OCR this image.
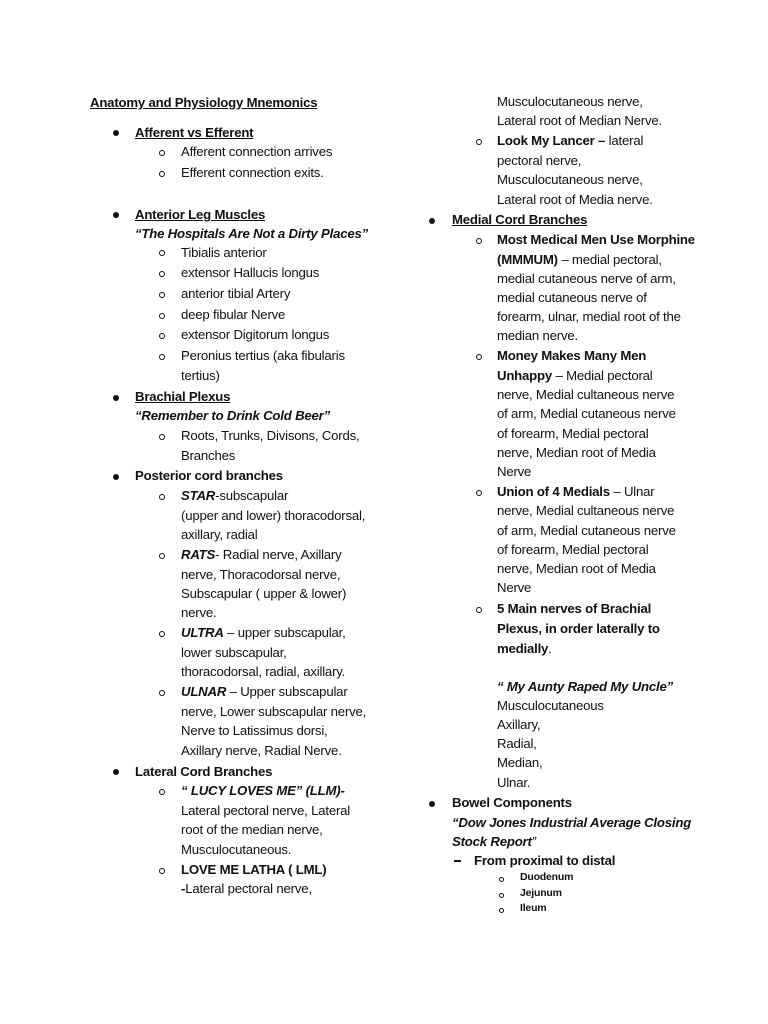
Anatomy and Physiology Mnemonics
Afferent vs Efferent
Afferent connection arrives
Efferent connection exits.
Anterior Leg Muscles
“The Hospitals Are Not a Dirty Places”
Tibialis anterior
extensor Hallucis longus
anterior tibial Artery
deep fibular Nerve
extensor Digitorum longus
Peronius tertius (aka fibularis
tertius)
Brachial Plexus
“Remember to Drink Cold Beer”
Roots, Trunks, Divisons, Cords,
Branches
Posterior cord branches
STAR-subscapular
(upper and lower) thoracodorsal,
axillary, radial
RATS- Radial nerve, Axillary
nerve, Thoracodorsal nerve,
Subscapular ( upper & lower)
nerve.
ULTRA – upper subscapular,
lower subscapular,
thoracodorsal, radial, axillary.
ULNAR – Upper subscapular
nerve, Lower subscapular nerve,
Nerve to Latissimus dorsi,
Axillary nerve, Radial Nerve.
Lateral Cord Branches
“ LUCY LOVES ME” (LLM)-
Lateral pectoral nerve, Lateral
root of the median nerve,
Musculocutaneous.
LOVE ME LATHA ( LML)
-Lateral pectoral nerve,
Musculocutaneous nerve,
Lateral root of Median Nerve.
Look My Lancer – lateral
pectoral nerve,
Musculocutaneous nerve,
Lateral root of Media nerve.
Medial Cord Branches
Most Medical Men Use Morphine
(MMMUM) – medial pectoral,
medial cutaneous nerve of arm,
medial cutaneous nerve of
forearm, ulnar, medial root of the
median nerve.
Money Makes Many Men
Unhappy – Medial pectoral
nerve, Medial cultaneous nerve
of arm, Medial cutaneous nerve
of forearm, Medial pectoral
nerve, Median root of Media
Nerve
Union of 4 Medials – Ulnar
nerve, Medial cultaneous nerve
of arm, Medial cutaneous nerve
of forearm, Medial pectoral
nerve, Median root of Media
Nerve
5 Main nerves of Brachial
Plexus, in order laterally to
medially.
“ My Aunty Raped My Uncle”
Musculocutaneous
Axillary,
Radial,
Median,
Ulnar.
Bowel Components
“Dow Jones Industrial Average Closing
Stock Report”
From proximal to distal
Duodenum
Jejunum
Ileum
